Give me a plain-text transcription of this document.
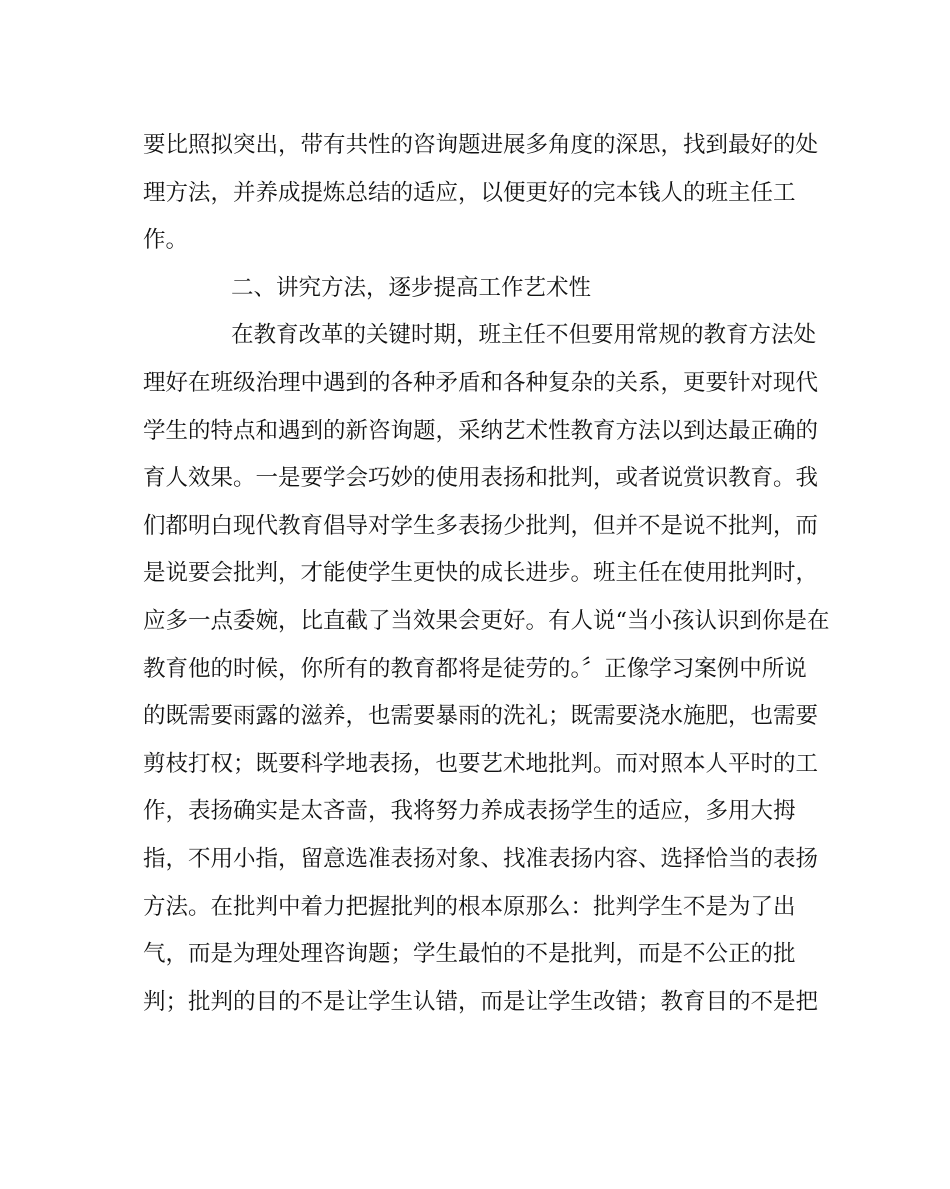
要比照拟突出，带有共性的咨询题进展多角度的深思，找到最好的处
理方法，并养成提炼总结的适应，以便更好的完本钱人的班主任工
作。
二、讲究方法，逐步提高工作艺术性
在教育改革的关键时期，班主任不但要用常规的教育方法处
理好在班级治理中遇到的各种矛盾和各种复杂的关系，更要针对现代
学生的特点和遇到的新咨询题，采纳艺术性教育方法以到达最正确的
育人效果。一是要学会巧妙的使用表扬和批判，或者说赏识教育。我
们都明白现代教育倡导对学生多表扬少批判，但并不是说不批判，而
是说要会批判，才能使学生更快的成长进步。班主任在使用批判时，
应多一点委婉，比直截了当效果会更好。有人说“当小孩认识到你是在
教育他的时候，你所有的教育都将是徒劳的。〞正像学习案例中所说
的既需要雨露的滋养，也需要暴雨的洗礼；既需要浇水施肥，也需要
剪枝打权；既要科学地表扬，也要艺术地批判。而对照本人平时的工
作，表扬确实是太吝啬，我将努力养成表扬学生的适应，多用大拇
指，不用小指，留意选准表扬对象、找准表扬内容、选择恰当的表扬
方法。在批判中着力把握批判的根本原那么：批判学生不是为了出
气，而是为理处理咨询题；学生最怕的不是批判，而是不公正的批
判；批判的目的不是让学生认错，而是让学生改错；教育目的不是把
